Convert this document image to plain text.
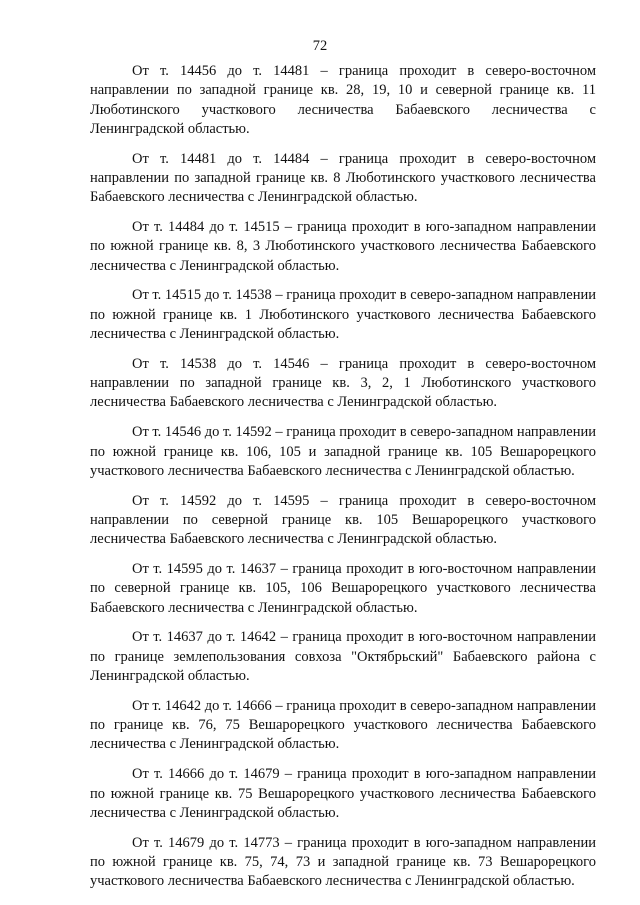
72

От т. 14456 до т. 14481 – граница проходит в северо-восточном направлении по западной границе кв. 28, 19, 10 и северной границе кв. 11 Люботинского участкового лесничества Бабаевского лесничества с Ленинградской областью.

От т. 14481 до т. 14484 – граница проходит в северо-восточном направлении по западной границе кв. 8 Люботинского участкового лесничества Бабаевского лесничества с Ленинградской областью.

От т. 14484 до т. 14515 – граница проходит в юго-западном направлении по южной границе кв. 8, 3 Люботинского участкового лесничества Бабаевского лесничества с Ленинградской областью.

От т. 14515 до т. 14538 – граница проходит в северо-западном направлении по южной границе кв. 1 Люботинского участкового лесничества Бабаевского лесничества с Ленинградской областью.

От т. 14538 до т. 14546 – граница проходит в северо-восточном направлении по западной границе кв. 3, 2, 1 Люботинского участкового лесничества Бабаевского лесничества с Ленинградской областью.

От т. 14546 до т. 14592 – граница проходит в северо-западном направлении по южной границе кв. 106, 105 и западной границе кв. 105 Вешарорецкого участкового лесничества Бабаевского лесничества с Ленинградской областью.

От т. 14592 до т. 14595 – граница проходит в северо-восточном направлении по северной границе кв. 105 Вешарорецкого участкового лесничества Бабаевского лесничества с Ленинградской областью.

От т. 14595 до т. 14637 – граница проходит в юго-восточном направлении по северной границе кв. 105, 106 Вешарорецкого участкового лесничества Бабаевского лесничества с Ленинградской областью.

От т. 14637 до т. 14642 – граница проходит в юго-восточном направлении по границе землепользования совхоза "Октябрьский" Бабаевского района с Ленинградской областью.

От т. 14642 до т. 14666 – граница проходит в северо-западном направлении по границе кв. 76, 75 Вешарорецкого участкового лесничества Бабаевского лесничества с Ленинградской областью.

От т. 14666 до т. 14679 – граница проходит в юго-западном направлении по южной границе кв. 75 Вешарорецкого участкового лесничества Бабаевского лесничества с Ленинградской областью.

От т. 14679 до т. 14773 – граница проходит в юго-западном направлении по южной границе кв. 75, 74, 73 и западной границе кв. 73 Вешарорецкого участкового лесничества Бабаевского лесничества с Ленинградской областью.
